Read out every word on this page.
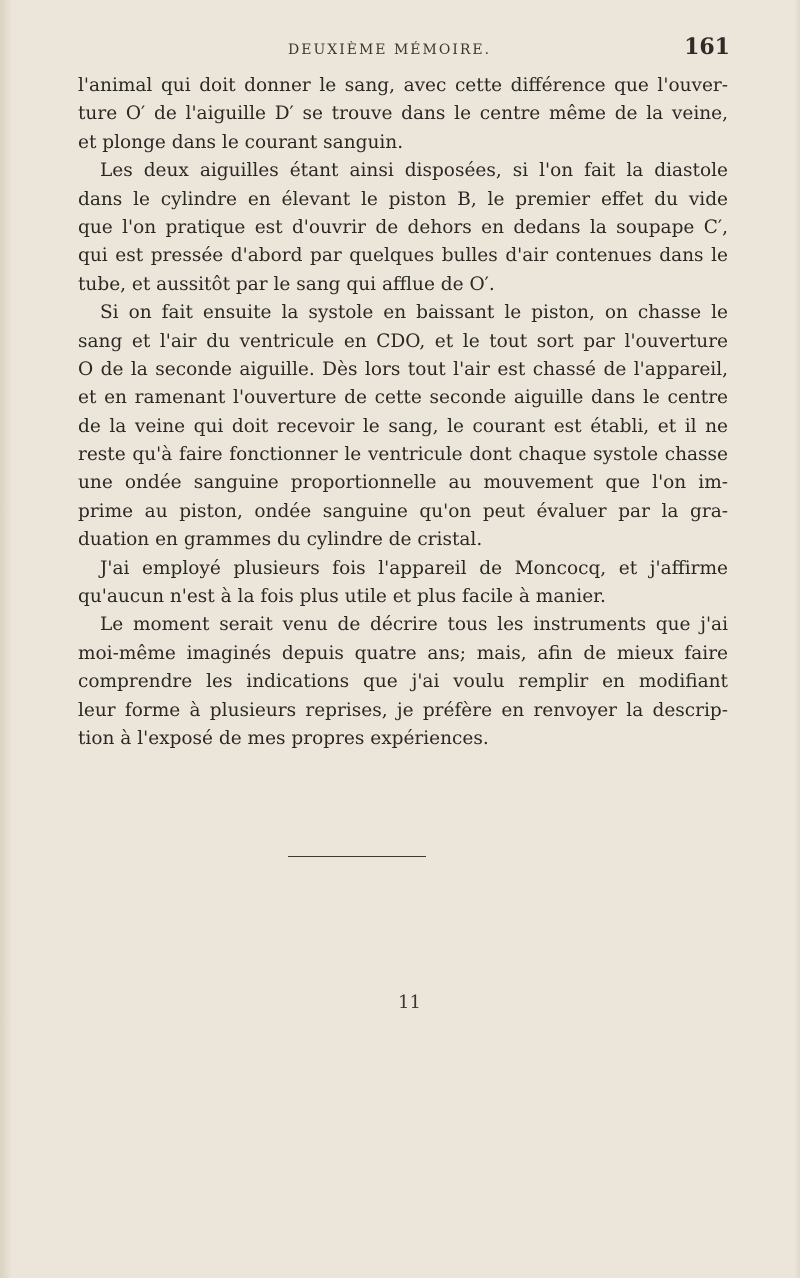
DEUXIÈME MÉMOIRE.	161

l'animal qui doit donner le sang, avec cette différence que l'ouver-
ture O′ de l'aiguille D′ se trouve dans le centre même de la veine,
et plonge dans le courant sanguin.

Les deux aiguilles étant ainsi disposées, si l'on fait la diastole
dans le cylindre en élevant le piston B, le premier effet du vide
que l'on pratique est d'ouvrir de dehors en dedans la soupape C′,
qui est pressée d'abord par quelques bulles d'air contenues dans le
tube, et aussitôt par le sang qui afflue de O′.

Si on fait ensuite la systole en baissant le piston, on chasse le
sang et l'air du ventricule en CDO, et le tout sort par l'ouverture
O de la seconde aiguille. Dès lors tout l'air est chassé de l'appareil,
et en ramenant l'ouverture de cette seconde aiguille dans le centre
de la veine qui doit recevoir le sang, le courant est établi, et il ne
reste qu'à faire fonctionner le ventricule dont chaque systole chasse
une ondée sanguine proportionnelle au mouvement que l'on im-
prime au piston, ondée sanguine qu'on peut évaluer par la gra-
duation en grammes du cylindre de cristal.

J'ai employé plusieurs fois l'appareil de Moncocq, et j'affirme
qu'aucun n'est à la fois plus utile et plus facile à manier.

Le moment serait venu de décrire tous les instruments que j'ai
moi-même imaginés depuis quatre ans; mais, afin de mieux faire
comprendre les indications que j'ai voulu remplir en modifiant
leur forme à plusieurs reprises, je préfère en renvoyer la descrip-
tion à l'exposé de mes propres expériences.

11
